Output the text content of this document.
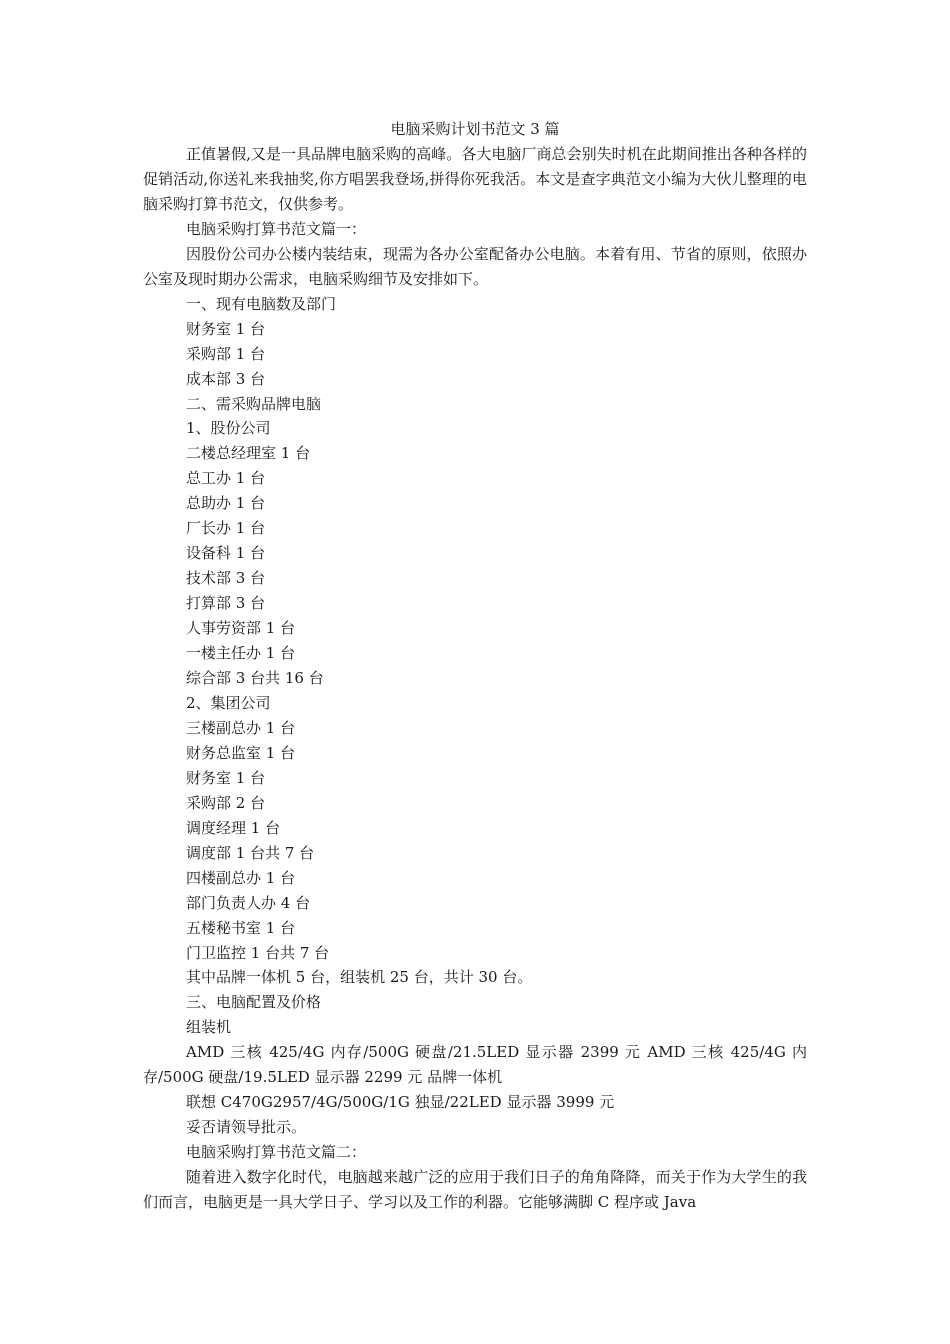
电脑采购计划书范文 3 篇

正值暑假,又是一具品牌电脑采购的高峰。各大电脑厂商总会别失时机在此期间推出各种各样的促销活动,你送礼来我抽奖,你方唱罢我登场,拼得你死我活。本文是查字典范文小编为大伙儿整理的电脑采购打算书范文，仅供参考。

电脑采购打算书范文篇一：

因股份公司办公楼内装结束，现需为各办公室配备办公电脑。本着有用、节省的原则，依照办公室及现时期办公需求，电脑采购细节及安排如下。

一、现有电脑数及部门

财务室 1 台

采购部 1 台

成本部 3 台

二、需采购品牌电脑

1、股份公司

二楼总经理室 1 台

总工办 1 台

总助办 1 台

厂长办 1 台

设备科 1 台

技术部 3 台

打算部 3 台

人事劳资部 1 台

一楼主任办 1 台

综合部 3 台共 16 台

2、集团公司

三楼副总办 1 台

财务总监室 1 台

财务室 1 台

采购部 2 台

调度经理 1 台

调度部 1 台共 7 台

四楼副总办 1 台

部门负责人办 4 台

五楼秘书室 1 台

门卫监控 1 台共 7 台

其中品牌一体机 5 台，组装机 25 台，共计 30 台。

三、电脑配置及价格

组装机

AMD 三核 425/4G 内存/500G 硬盘/21.5LED 显示器 2399 元 AMD 三核 425/4G 内存/500G 硬盘/19.5LED 显示器 2299 元 品牌一体机

联想 C470G2957/4G/500G/1G 独显/22LED 显示器 3999 元

妥否请领导批示。

电脑采购打算书范文篇二：

随着进入数字化时代，电脑越来越广泛的应用于我们日子的角角降降，而关于作为大学生的我们而言，电脑更是一具大学日子、学习以及工作的利器。它能够满脚 C 程序或 Java
